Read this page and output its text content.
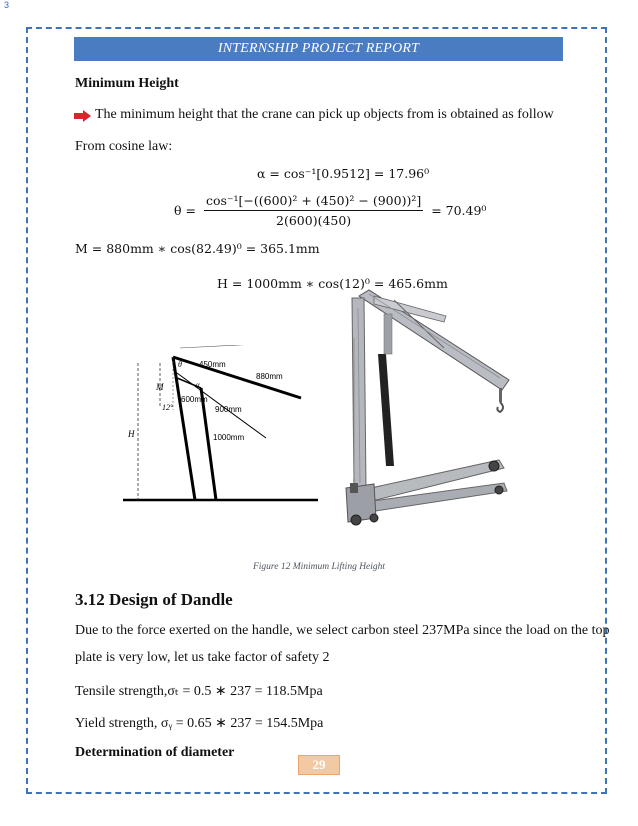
3
INTERNSHIP PROJECT REPORT
Minimum Height
The minimum height that the crane can pick up objects from is obtained as follow
From cosine law:
α = cos⁻¹[0.9512] = 17.96⁰
$\theta = \frac{\text{cos⁻¹[−((600)² + (450)² − (900))²]}}{2(600)(450)} = 70.49^0$
M = 880mm ∗ cos(82.49)⁰ = 365.1mm
H = 1000mm ∗ cos(12)⁰ = 465.6mm
450mm
880mm
600mm
900mm
1000mm
θ
α
M
12°
H
Figure 12 Minimum Lifting Height
3.12 Design of Dandle
Due to the force exerted on the handle, we select carbon steel 237MPa since the load on the top
plate is very low, let us take factor of safety 2
Tensile strength,σₜ = 0.5 ∗ 237 = 118.5Mpa
Yield strength, σᵧ = 0.65 ∗ 237 = 154.5Mpa
Determination of diameter
29
